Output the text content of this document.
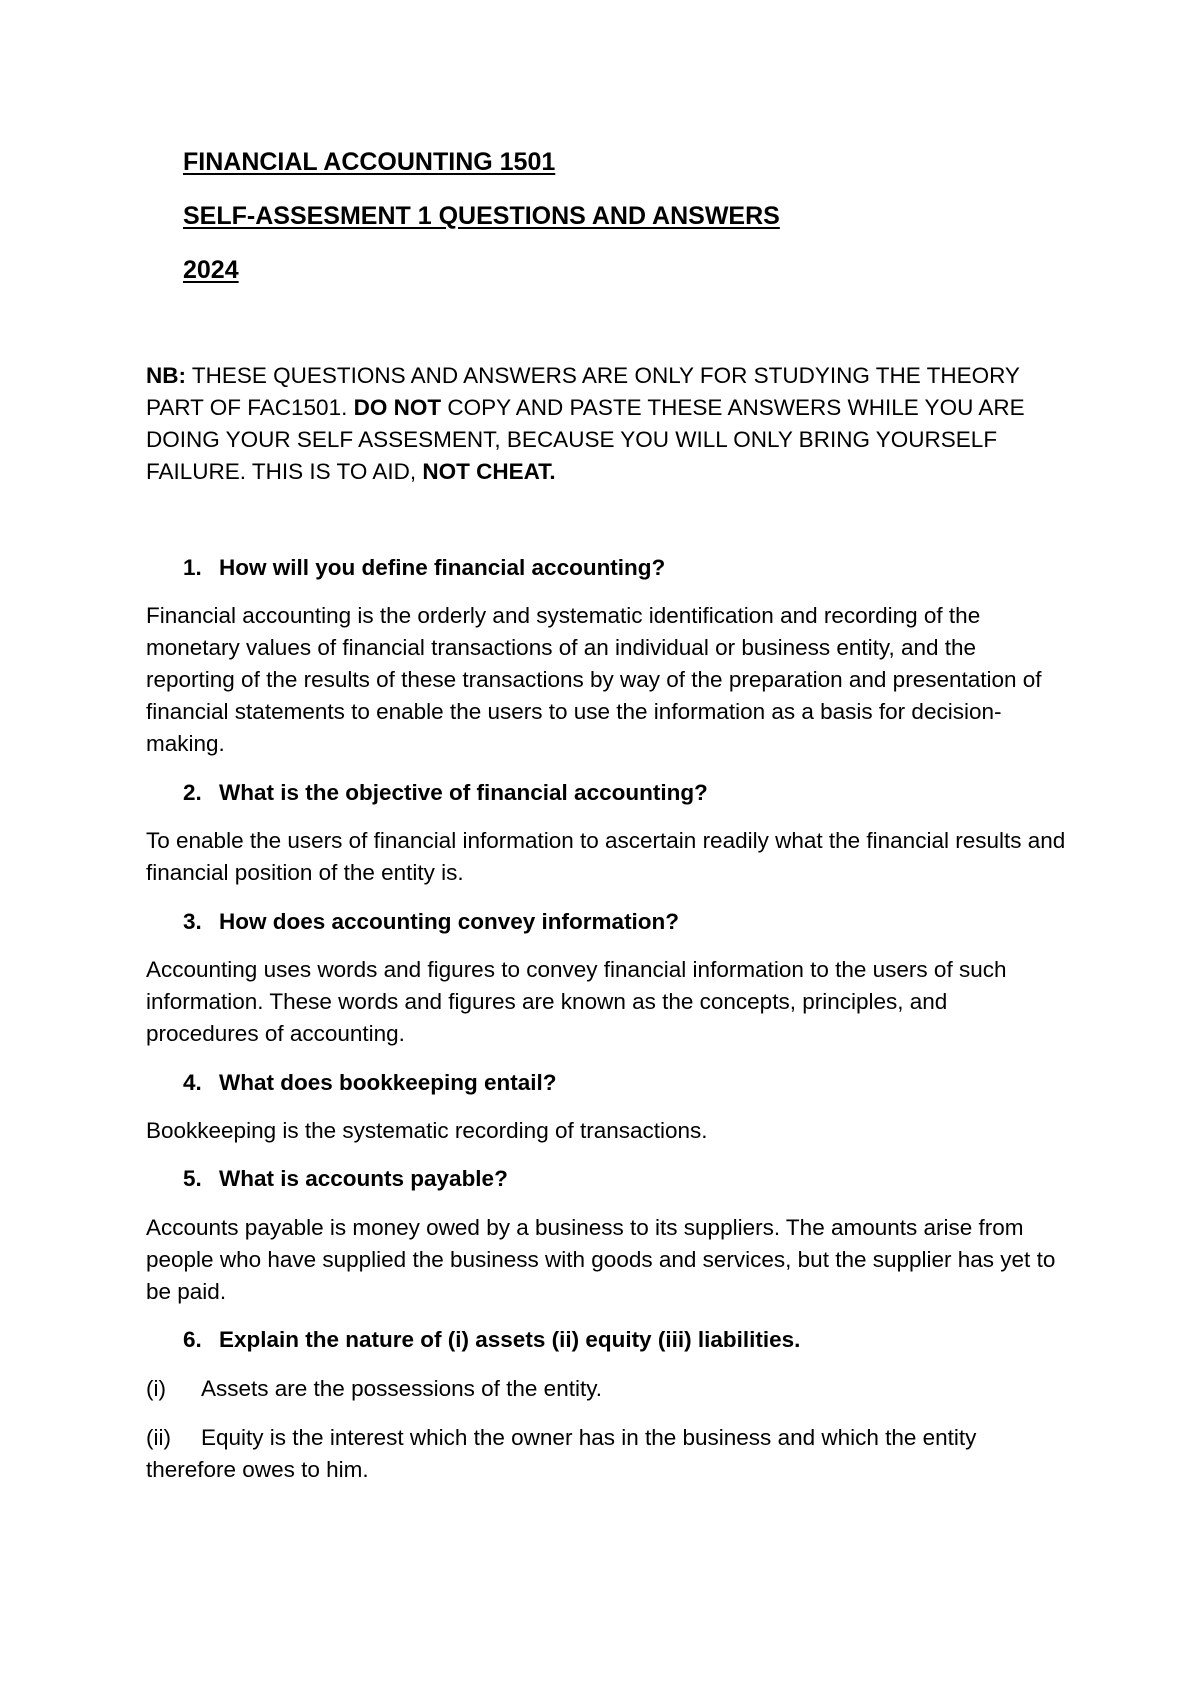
FINANCIAL ACCOUNTING 1501
SELF-ASSESMENT 1 QUESTIONS AND ANSWERS
2024
NB: THESE QUESTIONS AND ANSWERS ARE ONLY FOR STUDYING THE THEORY PART OF FAC1501. DO NOT COPY AND PASTE THESE ANSWERS WHILE YOU ARE DOING YOUR SELF ASSESMENT, BECAUSE YOU WILL ONLY BRING YOURSELF FAILURE. THIS IS TO AID, NOT CHEAT.
1. How will you define financial accounting?
Financial accounting is the orderly and systematic identification and recording of the monetary values of financial transactions of an individual or business entity, and the reporting of the results of these transactions by way of the preparation and presentation of financial statements to enable the users to use the information as a basis for decision-making.
2. What is the objective of financial accounting?
To enable the users of financial information to ascertain readily what the financial results and financial position of the entity is.
3. How does accounting convey information?
Accounting uses words and figures to convey financial information to the users of such information. These words and figures are known as the concepts, principles, and procedures of accounting.
4. What does bookkeeping entail?
Bookkeeping is the systematic recording of transactions.
5. What is accounts payable?
Accounts payable is money owed by a business to its suppliers. The amounts arise from people who have supplied the business with goods and services, but the supplier has yet to be paid.
6. Explain the nature of (i) assets (ii) equity (iii) liabilities.
(i) Assets are the possessions of the entity.
(ii) Equity is the interest which the owner has in the business and which the entity therefore owes to him.
